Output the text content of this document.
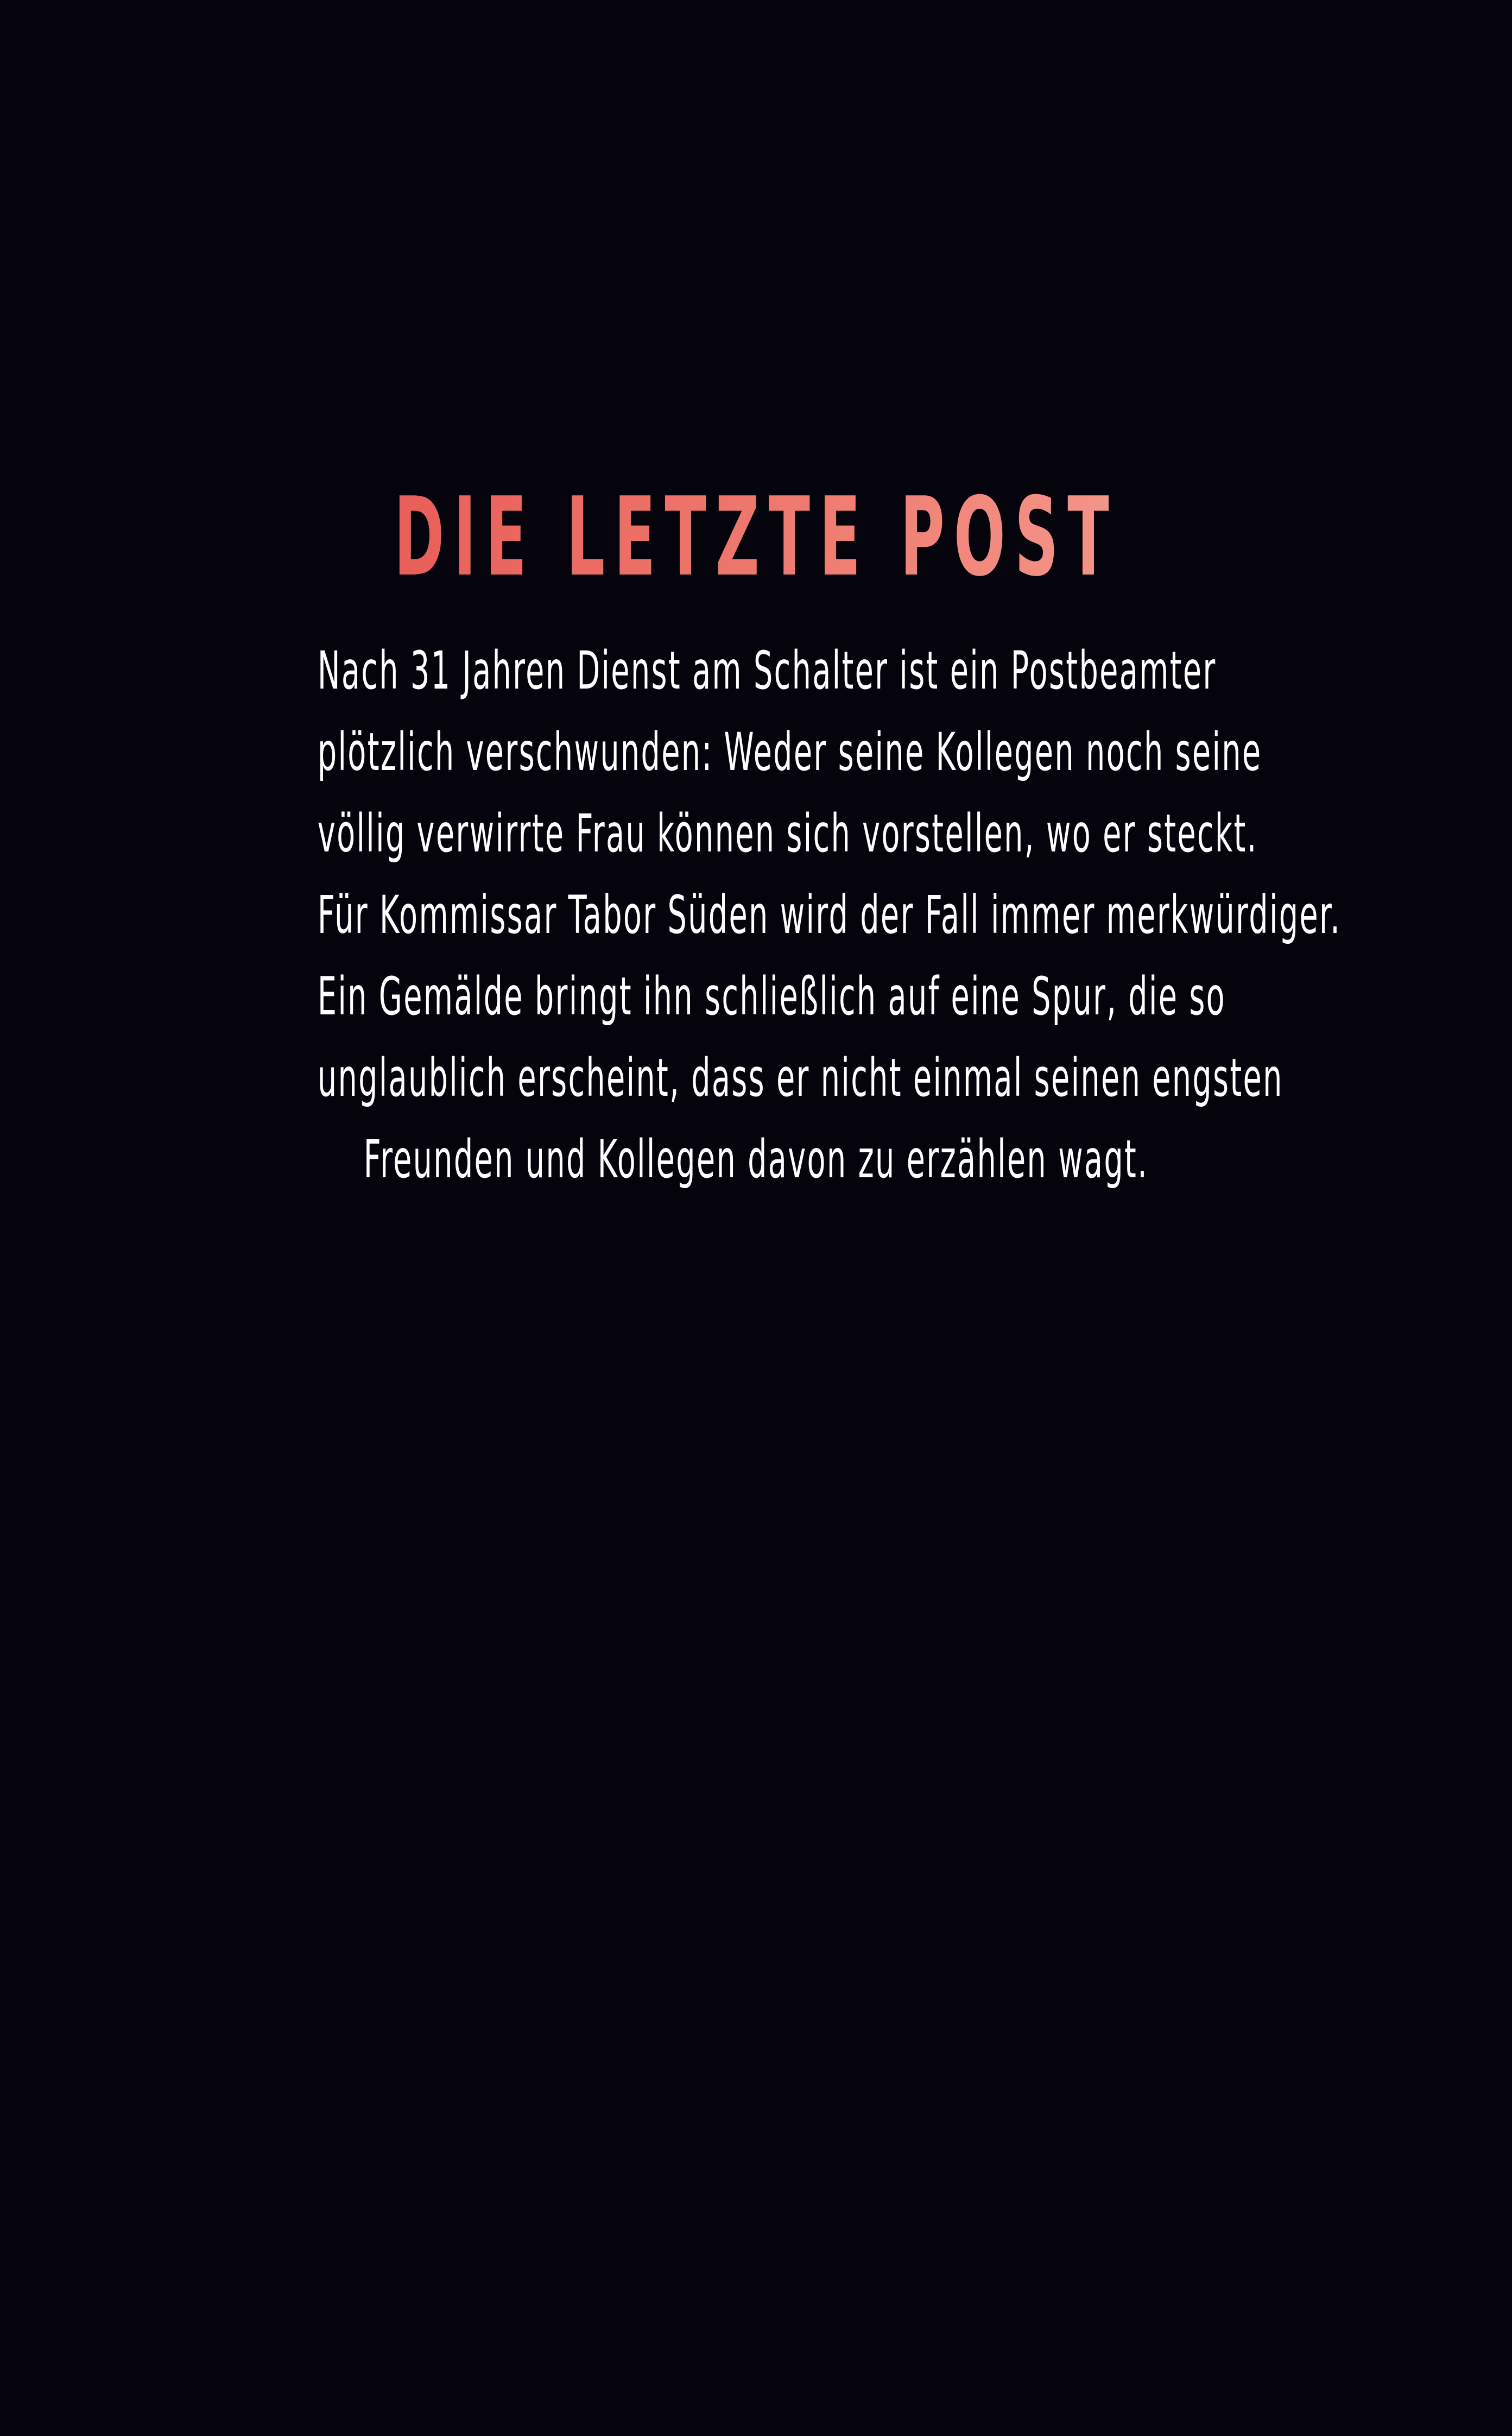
DIE LETZTE POST
Nach 31 Jahren Dienst am Schalter ist ein Postbeamter
plötzlich verschwunden: Weder seine Kollegen noch seine
völlig verwirrte Frau können sich vorstellen, wo er steckt.
Für Kommissar Tabor Süden wird der Fall immer merkwürdiger.
Ein Gemälde bringt ihn schließlich auf eine Spur, die so
unglaublich erscheint, dass er nicht einmal seinen engsten
Freunden und Kollegen davon zu erzählen wagt.
